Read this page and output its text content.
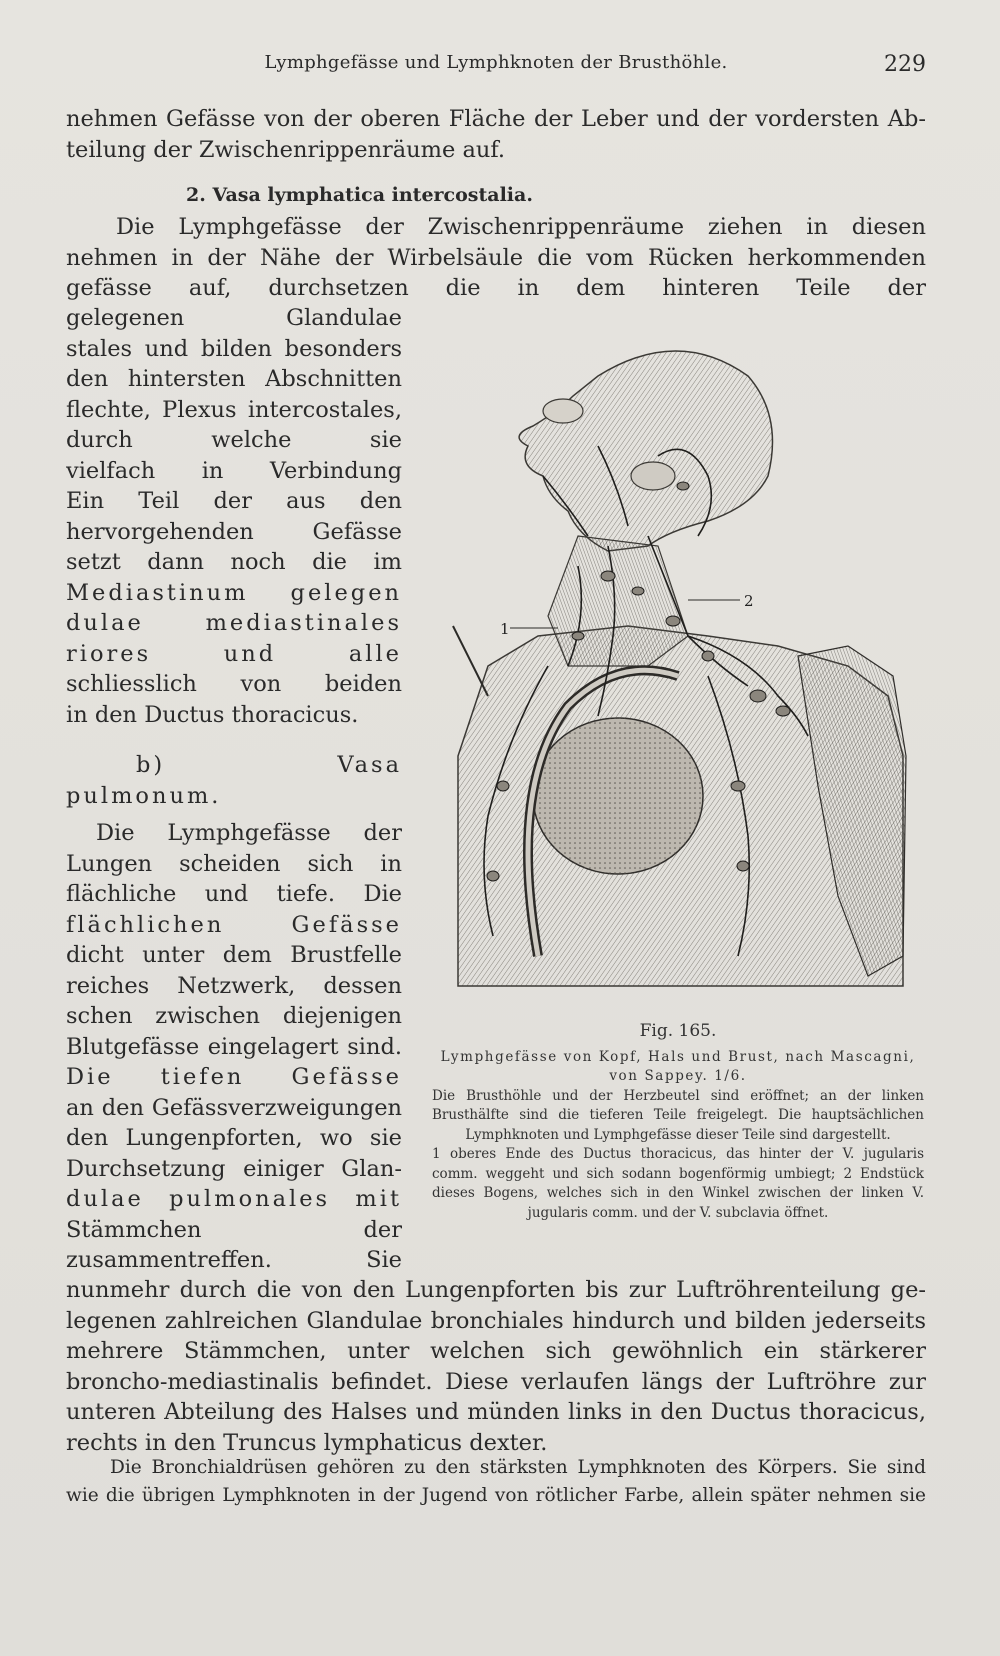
Lymphgefässe und Lymphknoten der Brusthöhle.	229
nehmen Gefässe von der oberen Fläche der Leber und der vordersten Ab-
teilung der Zwischenrippenräume auf.
2. Vasa lymphatica intercostalia.
Die Lymphgefässe der Zwischenrippenräume ziehen in diesen
nehmen in der Nähe der Wirbelsäule die vom Rücken herkommenden
gefässe auf, durchsetzen die in dem hinteren Teile der
gelegenen Glandulae
stales und bilden besonders
den hintersten Abschnitten
flechte, Plexus intercostales,
durch welche sie
vielfach in Verbindung
Ein Teil der aus den
hervorgehenden Gefässe
setzt dann noch die im
Mediastinum gelegen
dulae mediastinales
riores und alle
schliesslich von beiden
in den Ductus thoracicus.
b) Vasa
pulmonum.
Die Lymphgefässe der
Lungen scheiden sich in
flächliche und tiefe. Die
flächlichen Gefässe
dicht unter dem Brustfelle
reiches Netzwerk, dessen
schen zwischen diejenigen
Blutgefässe eingelagert sind.
Die tiefen Gefässe
an den Gefässverzweigungen
den Lungenpforten, wo sie
Durchsetzung einiger Glan-
dulae pulmonales mit
Stämmchen der
zusammentreffen. Sie
nunmehr durch die von den Lungenpforten bis zur Luftröhrenteilung ge-
legenen zahlreichen Glandulae bronchiales hindurch und bilden jederseits
mehrere Stämmchen, unter welchen sich gewöhnlich ein stärkerer
broncho-mediastinalis befindet. Diese verlaufen längs der Luftröhre zur
unteren Abteilung des Halses und münden links in den Ductus thoracicus,
rechts in den Truncus lymphaticus dexter.
Die Bronchialdrüsen gehören zu den stärksten Lymphknoten des Körpers. Sie sind
wie die übrigen Lymphknoten in der Jugend von rötlicher Farbe, allein später nehmen sie
1
2
Fig. 165.
Lymphgefässe von Kopf, Hals und Brust, nach Mascagni,
von Sappey. 1/6.
Die Brusthöhle und der Herzbeutel sind eröffnet; an der linken
Brusthälfte sind die tieferen Teile freigelegt. Die hauptsächlichen
Lymphknoten und Lymphgefässe dieser Teile sind dargestellt.
1 oberes Ende des Ductus thoracicus, das hinter der V. jugularis
comm. weggeht und sich sodann bogenförmig umbiegt; 2 Endstück
dieses Bogens, welches sich in den Winkel zwischen der linken V.
jugularis comm. und der V. subclavia öffnet.
